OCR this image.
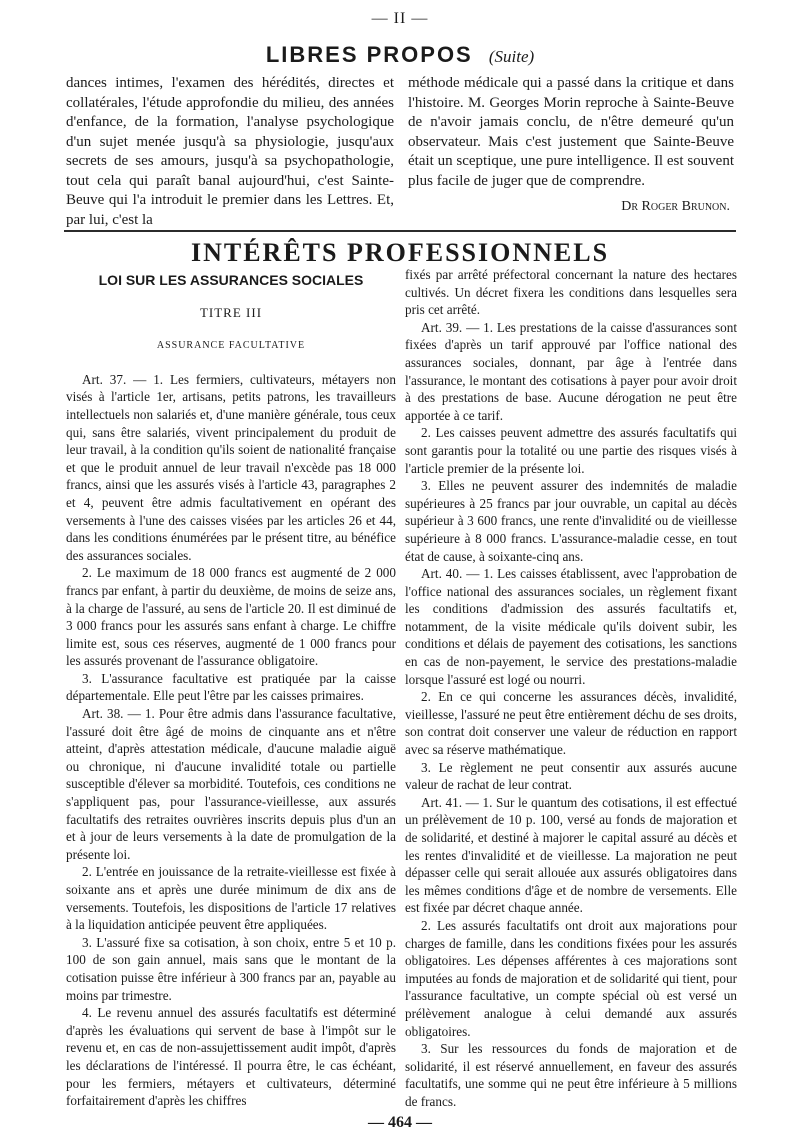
— II —
LIBRES PROPOS (Suite)

dances intimes, l'examen des hérédités, directes et collatérales, l'étude approfondie du milieu, des années d'enfance, de la formation, l'analyse psychologique d'un sujet menée jusqu'à sa physiologie, jusqu'aux secrets de ses amours, jusqu'à sa psychopathologie, tout cela qui paraît banal aujourd'hui, c'est Sainte-Beuve qui l'a introduit le premier dans les Lettres. Et, par lui, c'est la

méthode médicale qui a passé dans la critique et dans l'histoire. M. Georges Morin reproche à Sainte-Beuve de n'avoir jamais conclu, de n'être demeuré qu'un observateur. Mais c'est justement que Sainte-Beuve était un sceptique, une pure intelligence. Il est souvent plus facile de juger que de comprendre.

Dr Roger Brunon.
INTÉRÊTS PROFESSIONNELS
LOI SUR LES ASSURANCES SOCIALES
TITRE III
ASSURANCE FACULTATIVE

Art. 37. — 1. Les fermiers, cultivateurs, métayers non visés à l'article 1er, artisans, petits patrons, les travailleurs intellectuels non salariés et, d'une manière générale, tous ceux qui, sans être salariés, vivent principalement du produit de leur travail, à la condition qu'ils soient de nationalité française et que le produit annuel de leur travail n'excède pas 18 000 francs, ainsi que les assurés visés à l'article 43, paragraphes 2 et 4, peuvent être admis facultativement en opérant des versements à l'une des caisses visées par les articles 26 et 44, dans les conditions énumérées par le présent titre, au bénéfice des assurances sociales.

2. Le maximum de 18 000 francs est augmenté de 2 000 francs par enfant, à partir du deuxième, de moins de seize ans, à la charge de l'assuré, au sens de l'article 20. Il est diminué de 3 000 francs pour les assurés sans enfant à charge. Le chiffre limite est, sous ces réserves, augmenté de 1 000 francs pour les assurés provenant de l'assurance obligatoire.

3. L'assurance facultative est pratiquée par la caisse départementale. Elle peut l'être par les caisses primaires.

Art. 38. — 1. Pour être admis dans l'assurance facultative, l'assuré doit être âgé de moins de cinquante ans et n'être atteint, d'après attestation médicale, d'aucune maladie aiguë ou chronique, ni d'aucune invalidité totale ou partielle susceptible d'élever sa morbidité. Toutefois, ces conditions ne s'appliquent pas, pour l'assurance-vieillesse, aux assurés facultatifs des retraites ouvrières inscrits depuis plus d'un an et à jour de leurs versements à la date de promulgation de la présente loi.

2. L'entrée en jouissance de la retraite-vieillesse est fixée à soixante ans et après une durée minimum de dix ans de versements. Toutefois, les dispositions de l'article 17 relatives à la liquidation anticipée peuvent être appliquées.

3. L'assuré fixe sa cotisation, à son choix, entre 5 et 10 p. 100 de son gain annuel, mais sans que le montant de la cotisation puisse être inférieur à 300 francs par an, payable au moins par trimestre.

4. Le revenu annuel des assurés facultatifs est déterminé d'après les évaluations qui servent de base à l'impôt sur le revenu et, en cas de non-assujettissement audit impôt, d'après les déclarations de l'intéressé. Il pourra être, le cas échéant, pour les fermiers, métayers et cultivateurs, déterminé forfaitairement d'après les chiffres

fixés par arrêté préfectoral concernant la nature des hectares cultivés. Un décret fixera les conditions dans lesquelles sera pris cet arrêté.

Art. 39. — 1. Les prestations de la caisse d'assurances sont fixées d'après un tarif approuvé par l'office national des assurances sociales, donnant, par âge à l'entrée dans l'assurance, le montant des cotisations à payer pour avoir droit à des prestations de base. Aucune dérogation ne peut être apportée à ce tarif.

2. Les caisses peuvent admettre des assurés facultatifs qui sont garantis pour la totalité ou une partie des risques visés à l'article premier de la présente loi.

3. Elles ne peuvent assurer des indemnités de maladie supérieures à 25 francs par jour ouvrable, un capital au décès supérieur à 3 600 francs, une rente d'invalidité ou de vieillesse supérieure à 8 000 francs. L'assurance-maladie cesse, en tout état de cause, à soixante-cinq ans.

Art. 40. — 1. Les caisses établissent, avec l'approbation de l'office national des assurances sociales, un règlement fixant les conditions d'admission des assurés facultatifs et, notamment, de la visite médicale qu'ils doivent subir, les conditions et délais de payement des cotisations, les sanctions en cas de non-payement, le service des prestations-maladie lorsque l'assuré est logé ou nourri.

2. En ce qui concerne les assurances décès, invalidité, vieillesse, l'assuré ne peut être entièrement déchu de ses droits, son contrat doit conserver une valeur de réduction en rapport avec sa réserve mathématique.

3. Le règlement ne peut consentir aux assurés aucune valeur de rachat de leur contrat.

Art. 41. — 1. Sur le quantum des cotisations, il est effectué un prélèvement de 10 p. 100, versé au fonds de majoration et de solidarité, et destiné à majorer le capital assuré au décès et les rentes d'invalidité et de vieillesse. La majoration ne peut dépasser celle qui serait allouée aux assurés obligatoires dans les mêmes conditions d'âge et de nombre de versements. Elle est fixée par décret chaque année.

2. Les assurés facultatifs ont droit aux majorations pour charges de famille, dans les conditions fixées pour les assurés obligatoires. Les dépenses afférentes à ces majorations sont imputées au fonds de majoration et de solidarité qui tient, pour l'assurance facultative, un compte spécial où est versé un prélèvement analogue à celui demandé aux assurés obligatoires.

3. Sur les ressources du fonds de majoration et de solidarité, il est réservé annuellement, en faveur des assurés facultatifs, une somme qui ne peut être inférieure à 5 millions de francs.

— 464 —
